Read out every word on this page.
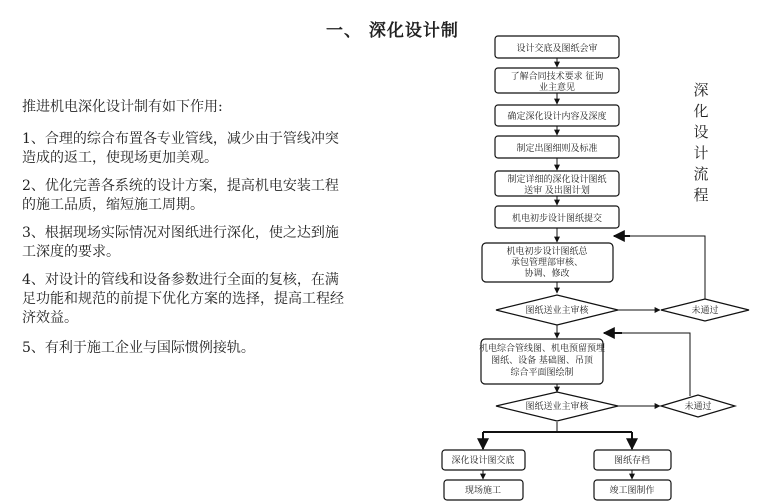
一、 深化设计制
推进机电深化设计制有如下作用:
1、合理的综合布置各专业管线，减少由于管线冲突
造成的返工，使现场更加美观。
2、优化完善各系统的设计方案，提高机电安装工程
的施工品质，缩短施工周期。
3、根据现场实际情况对图纸进行深化，使之达到施
工深度的要求。
4、对设计的管线和设备参数进行全面的复核，在满
足功能和规范的前提下优化方案的选择，提高工程经
济效益。
5、有利于施工企业与国际惯例接轨。
深
化
设
计
流
程
设计交底及图纸会审
了解合同技术要求 征询
业主意见
确定深化设计内容及深度
制定出图细则及标准
制定详细的深化设计图纸
送审 及出图计划
机电初步设计图纸提交
机电初步设计图纸总
承包管理部审核、
协调、修改
图纸送业主审核	未通过
机电综合管线图、机电预留预埋
图纸、设备 基础图、吊顶
综合平面图绘制
图纸送业主审核	未通过
深化设计图交底
现场施工
图纸存档
竣工图制作
